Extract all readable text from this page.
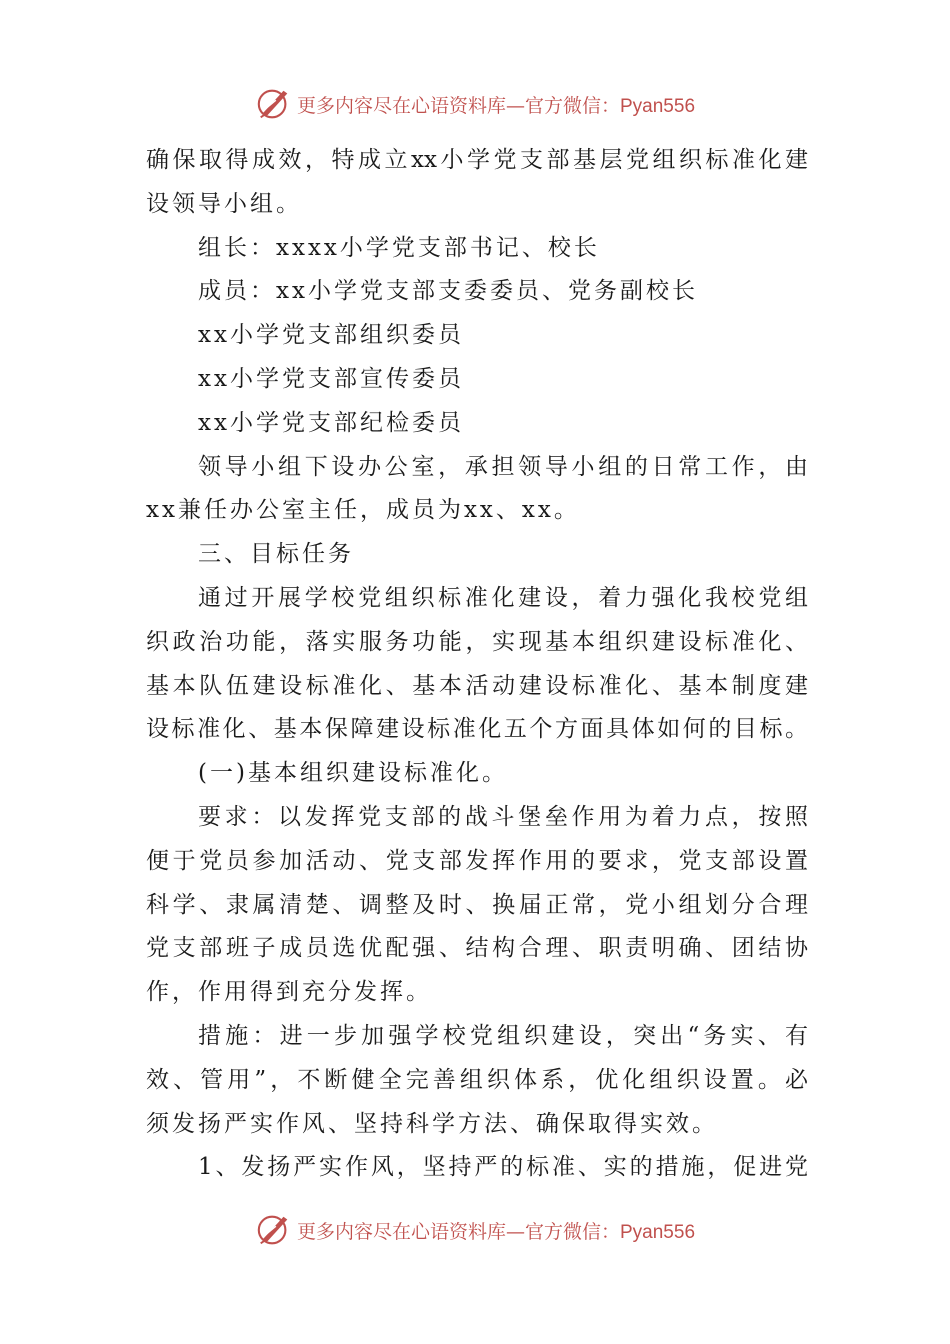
更多内容尽在心语资料库—官方微信：Pyan556
确保取得成效，特成立xx小学党支部基层党组织标准化建
设领导小组。
组长：xxxx小学党支部书记、校长
成员：xx小学党支部支委委员、党务副校长
xx小学党支部组织委员
xx小学党支部宣传委员
xx小学党支部纪检委员
领导小组下设办公室，承担领导小组的日常工作，由
xx兼任办公室主任，成员为xx、xx。
三、目标任务
通过开展学校党组织标准化建设，着力强化我校党组
织政治功能，落实服务功能，实现基本组织建设标准化、
基本队伍建设标准化、基本活动建设标准化、基本制度建
设标准化、基本保障建设标准化五个方面具体如何的目标。
(一)基本组织建设标准化。
要求：以发挥党支部的战斗堡垒作用为着力点，按照
便于党员参加活动、党支部发挥作用的要求，党支部设置
科学、隶属清楚、调整及时、换届正常，党小组划分合理
党支部班子成员选优配强、结构合理、职责明确、团结协
作，作用得到充分发挥。
措施：进一步加强学校党组织建设，突出“务实、有
效、管用”，不断健全完善组织体系，优化组织设置。必
须发扬严实作风、坚持科学方法、确保取得实效。
1、发扬严实作风，坚持严的标准、实的措施，促进党
更多内容尽在心语资料库—官方微信：Pyan556
